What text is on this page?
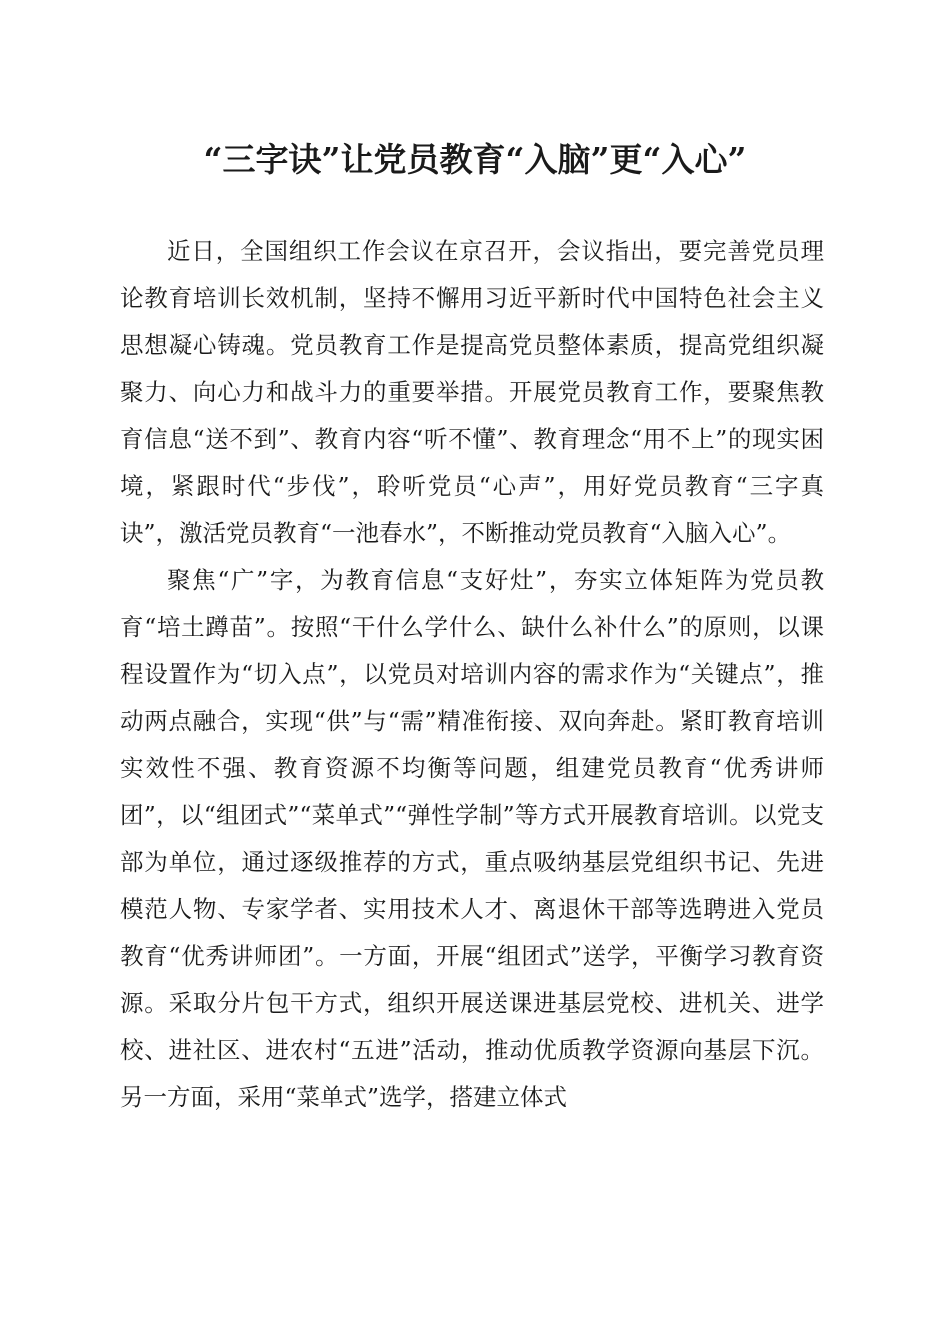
“三字诀”让党员教育“入脑”更“入心”

近日，全国组织工作会议在京召开，会议指出，要完善党员理论教育培训长效机制，坚持不懈用习近平新时代中国特色社会主义思想凝心铸魂。党员教育工作是提高党员整体素质，提高党组织凝聚力、向心力和战斗力的重要举措。开展党员教育工作，要聚焦教育信息“送不到”、教育内容“听不懂”、教育理念“用不上”的现实困境，紧跟时代“步伐”，聆听党员“心声”，用好党员教育“三字真诀”，激活党员教育“一池春水”，不断推动党员教育“入脑入心”。

聚焦“广”字，为教育信息“支好灶”，夯实立体矩阵为党员教育“培土蹲苗”。按照“干什么学什么、缺什么补什么”的原则，以课程设置作为“切入点”，以党员对培训内容的需求作为“关键点”，推动两点融合，实现“供”与“需”精准衔接、双向奔赴。紧盯教育培训实效性不强、教育资源不均衡等问题，组建党员教育“优秀讲师团”，以“组团式”“菜单式”“弹性学制”等方式开展教育培训。以党支部为单位，通过逐级推荐的方式，重点吸纳基层党组织书记、先进模范人物、专家学者、实用技术人才、离退休干部等选聘进入党员教育“优秀讲师团”。一方面，开展“组团式”送学，平衡学习教育资源。采取分片包干方式，组织开展送课进基层党校、进机关、进学校、进社区、进农村“五进”活动，推动优质教学资源向基层下沉。另一方面，采用“菜单式”选学，搭建立体式
